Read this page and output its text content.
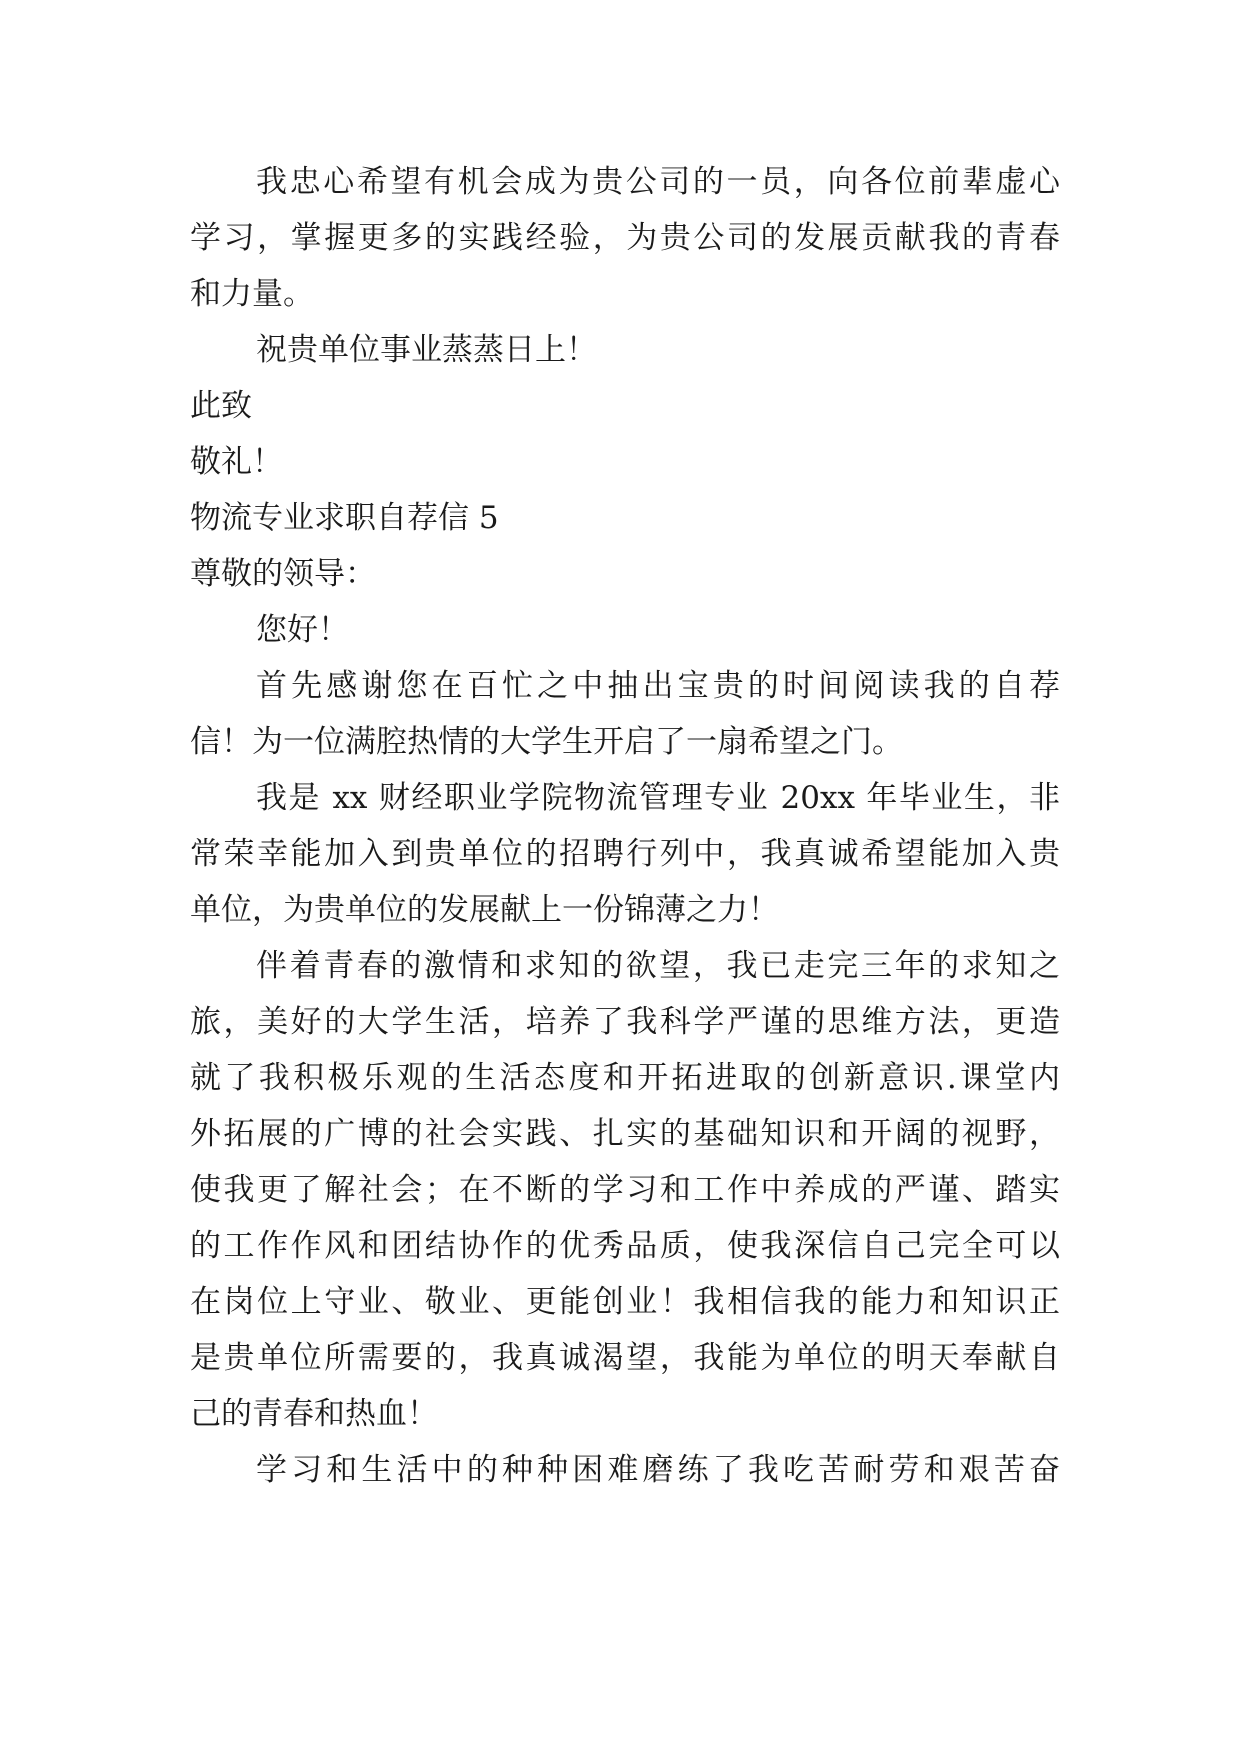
我忠心希望有机会成为贵公司的一员，向各位前辈虚心
学习，掌握更多的实践经验，为贵公司的发展贡献我的青春
和力量。
祝贵单位事业蒸蒸日上！
此致
敬礼！
物流专业求职自荐信 5
尊敬的领导：
您好！
首先感谢您在百忙之中抽出宝贵的时间阅读我的自荐
信！为一位满腔热情的大学生开启了一扇希望之门。
我是 xx 财经职业学院物流管理专业 20xx 年毕业生，非
常荣幸能加入到贵单位的招聘行列中，我真诚希望能加入贵
单位，为贵单位的发展献上一份锦薄之力！
伴着青春的激情和求知的欲望，我已走完三年的求知之
旅，美好的大学生活，培养了我科学严谨的思维方法，更造
就了我积极乐观的生活态度和开拓进取的创新意识.课堂内
外拓展的广博的社会实践、扎实的基础知识和开阔的视野，
使我更了解社会；在不断的学习和工作中养成的严谨、踏实
的工作作风和团结协作的优秀品质，使我深信自己完全可以
在岗位上守业、敬业、更能创业！我相信我的能力和知识正
是贵单位所需要的，我真诚渴望，我能为单位的明天奉献自
己的青春和热血！
学习和生活中的种种困难磨练了我吃苦耐劳和艰苦奋
